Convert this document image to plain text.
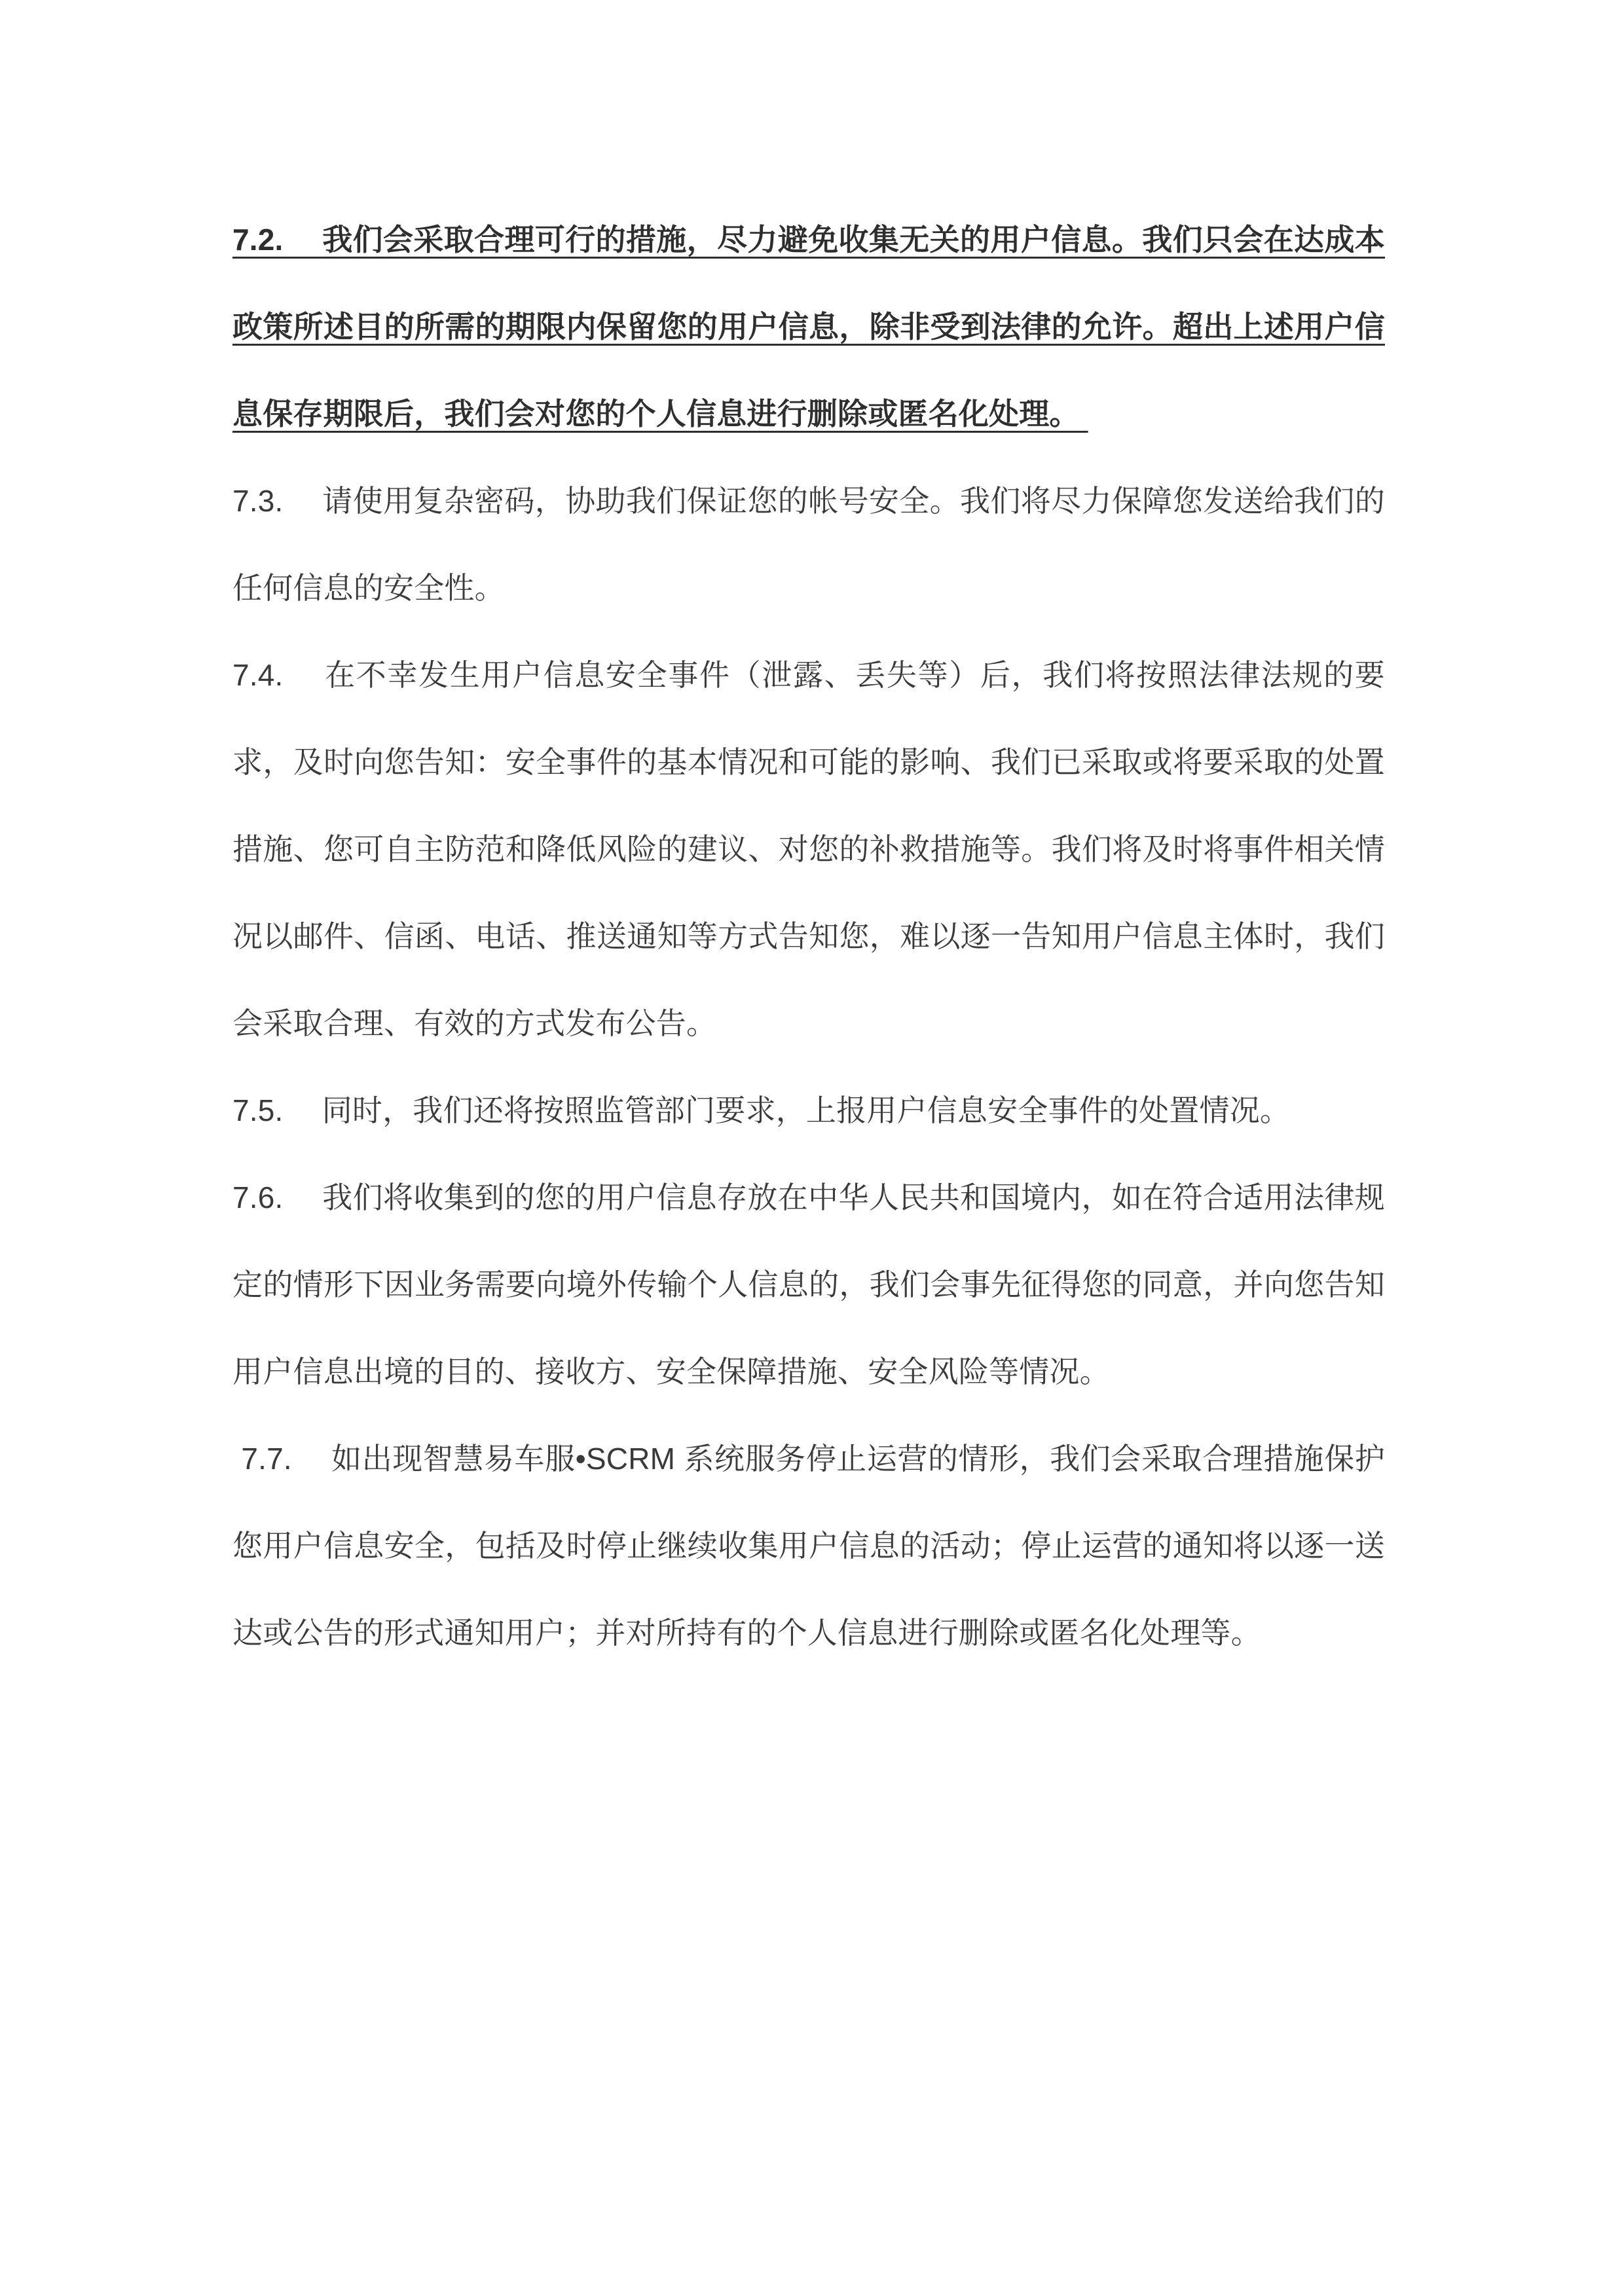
7.2.　 我们会采取合理可行的措施，尽力避免收集无关的用户信息。我们只会在达成本政策所述目的所需的期限内保留您的用户信息，除非受到法律的允许。超出上述用户信息保存期限后，我们会对您的个人信息进行删除或匿名化处理。

7.3.　 请使用复杂密码，协助我们保证您的帐号安全。我们将尽力保障您发送给我们的任何信息的安全性。

7.4.　 在不幸发生用户信息安全事件（泄露、丢失等）后，我们将按照法律法规的要求，及时向您告知：安全事件的基本情况和可能的影响、我们已采取或将要采取的处置措施、您可自主防范和降低风险的建议、对您的补救措施等。我们将及时将事件相关情况以邮件、信函、电话、推送通知等方式告知您，难以逐一告知用户信息主体时，我们会采取合理、有效的方式发布公告。

7.5.　 同时，我们还将按照监管部门要求，上报用户信息安全事件的处置情况。

7.6.　 我们将收集到的您的用户信息存放在中华人民共和国境内，如在符合适用法律规定的情形下因业务需要向境外传输个人信息的，我们会事先征得您的同意，并向您告知用户信息出境的目的、接收方、安全保障措施、安全风险等情况。

7.7.　 如出现智慧易车服•SCRM 系统服务停止运营的情形，我们会采取合理措施保护您用户信息安全，包括及时停止继续收集用户信息的活动；停止运营的通知将以逐一送达或公告的形式通知用户；并对所持有的个人信息进行删除或匿名化处理等。
